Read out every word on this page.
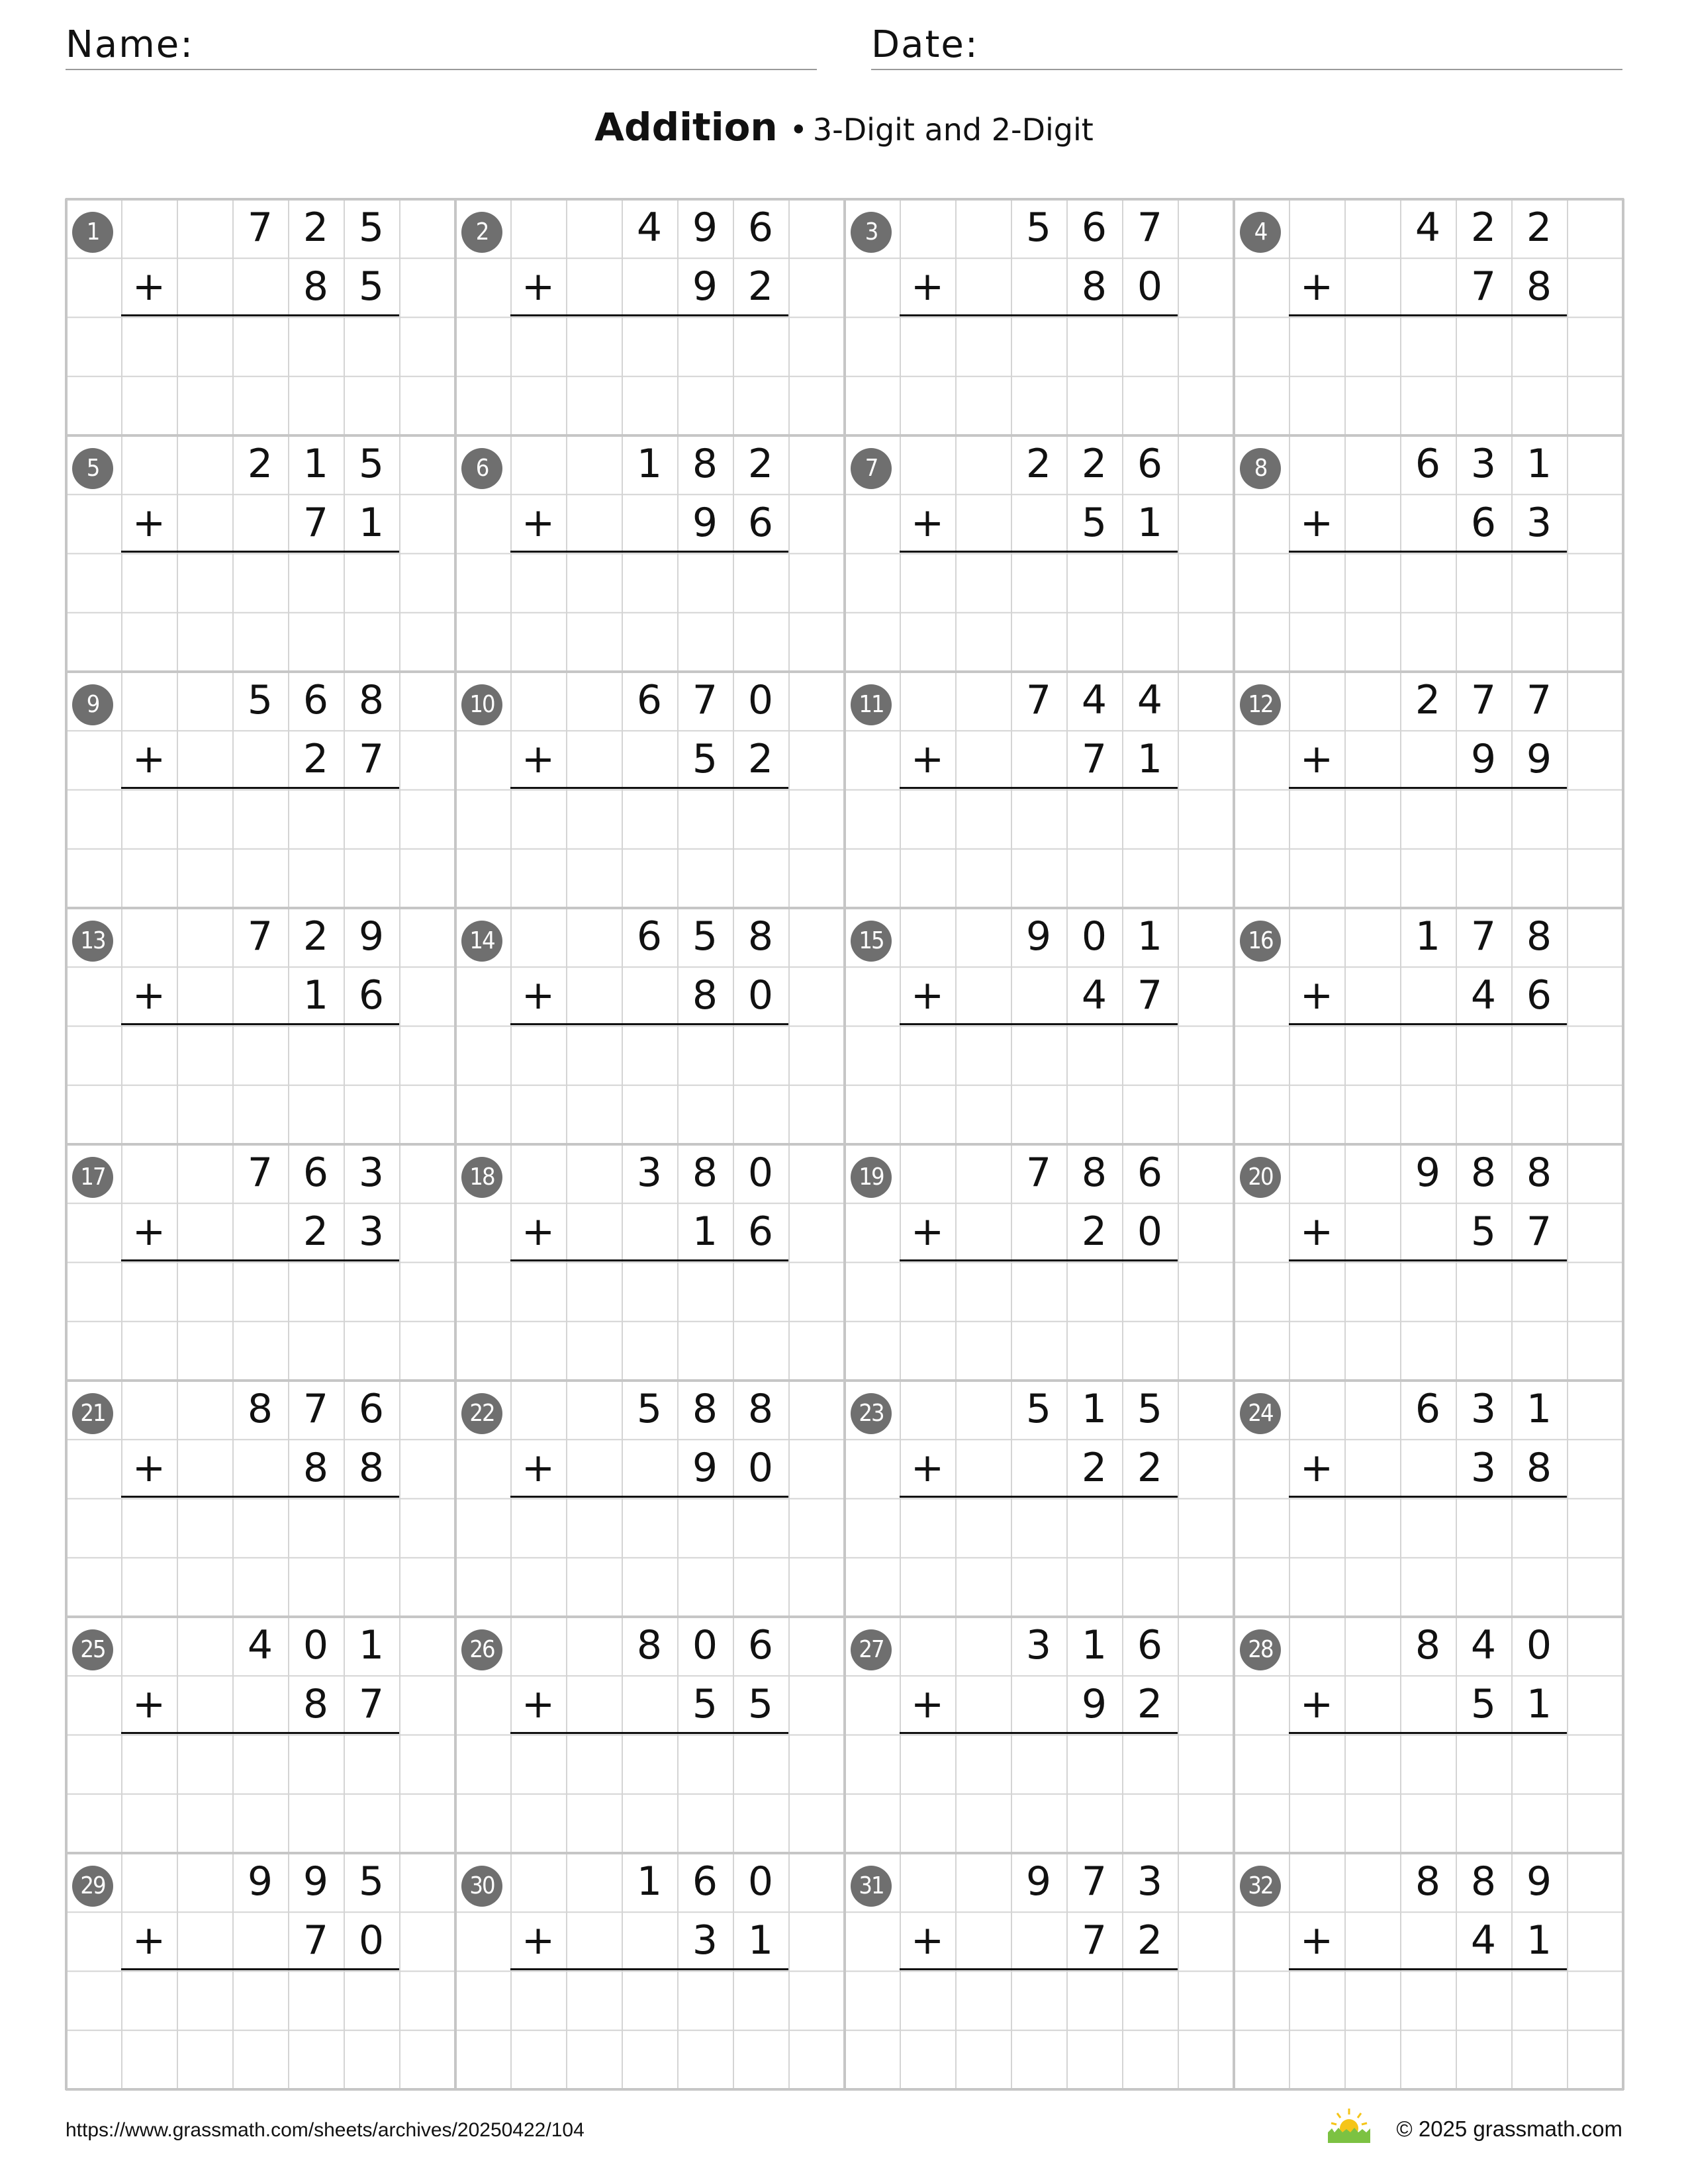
Name:	Date:
Addition • 3-Digit and 2-Digit
1	7 2 5
+	8 5
2	4 9 6
+	9 2
3	5 6 7
+	8 0
4	4 2 2
+	7 8
5	2 1 5
+	7 1
6	1 8 2
+	9 6
7	2 2 6
+	5 1
8	6 3 1
+	6 3
9	5 6 8
+	2 7
10	6 7 0
+	5 2
11	7 4 4
+	7 1
12	2 7 7
+	9 9
13	7 2 9
+	1 6
14	6 5 8
+	8 0
15	9 0 1
+	4 7
16	1 7 8
+	4 6
17	7 6 3
+	2 3
18	3 8 0
+	1 6
19	7 8 6
+	2 0
20	9 8 8
+	5 7
21	8 7 6
+	8 8
22	5 8 8
+	9 0
23	5 1 5
+	2 2
24	6 3 1
+	3 8
25	4 0 1
+	8 7
26	8 0 6
+	5 5
27	3 1 6
+	9 2
28	8 4 0
+	5 1
29	9 9 5
+	7 0
30	1 6 0
+	3 1
31	9 7 3
+	7 2
32	8 8 9
+	4 1
https://www.grassmath.com/sheets/archives/20250422/104	© 2025 grassmath.com
